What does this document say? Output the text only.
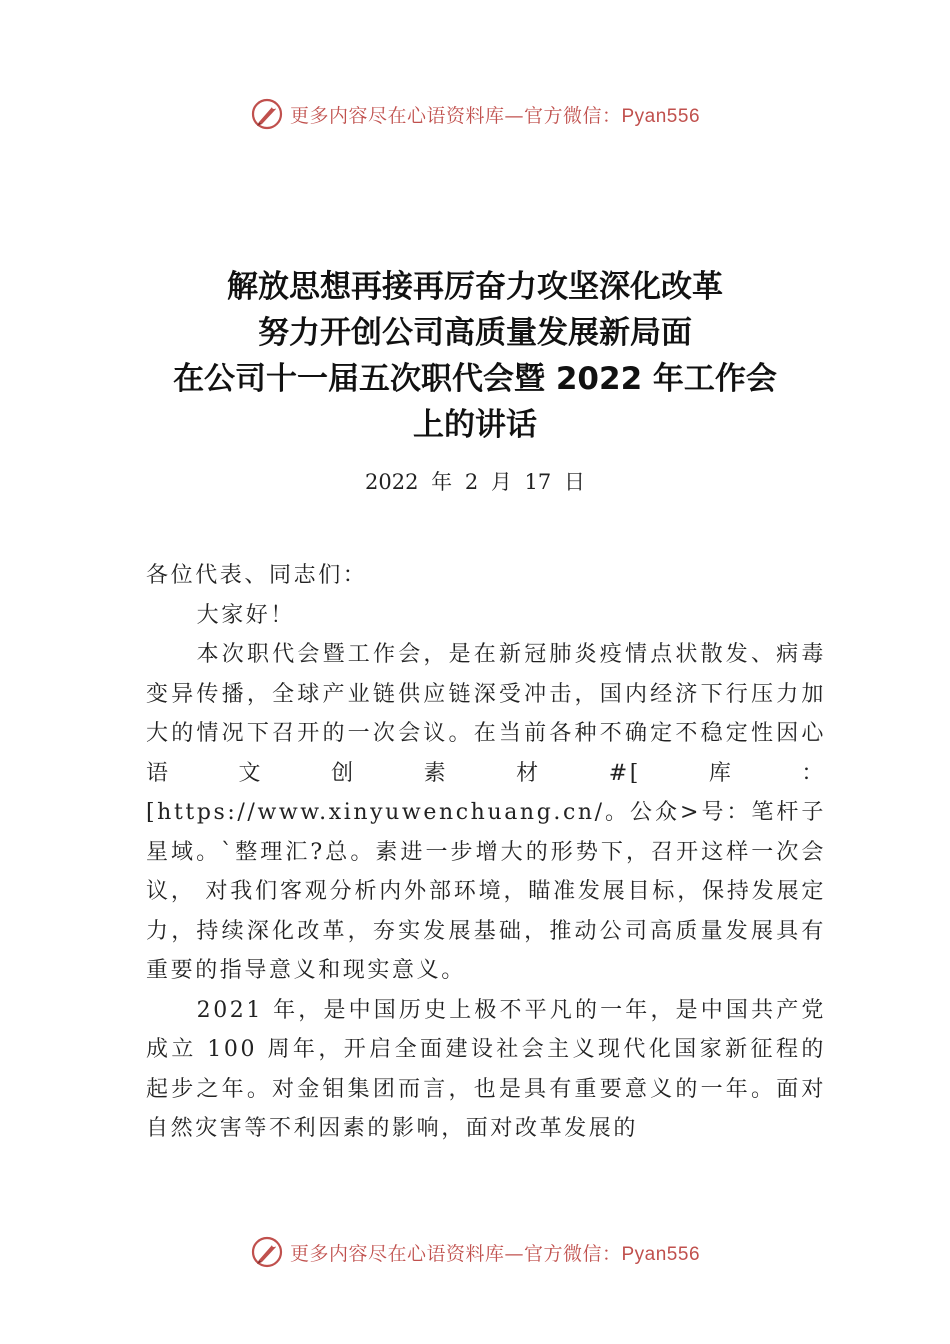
更多内容尽在心语资料库—官方微信：Pyan556

解放思想再接再厉奋力攻坚深化改革

努力开创公司高质量发展新局面

在公司十一届五次职代会暨 2022 年工作会

上的讲话

2022 年 2 月 17 日

各位代表、同志们：

大家好！

本次职代会暨工作会，是在新冠肺炎疫情点状散发、病毒变异传播，全球产业链供应链深受冲击，国内经济下行压力加大的情况下召开的一次会议。在当前各种不确定不稳定性因心语文创素材#[库：[https://www.xinyuwenchuang.cn/。公众>号：笔杆子星域。`整理汇?总。素进一步增大的形势下，召开这样一次会议， 对我们客观分析内外部环境，瞄准发展目标，保持发展定力，持续深化改革，夯实发展基础，推动公司高质量发展具有重要的指导意义和现实意义。

2021 年，是中国历史上极不平凡的一年，是中国共产党成立 100 周年，开启全面建设社会主义现代化国家新征程的起步之年。对金钼集团而言，也是具有重要意义的一年。面对自然灾害等不利因素的影响，面对改革发展的

更多内容尽在心语资料库—官方微信：Pyan556
